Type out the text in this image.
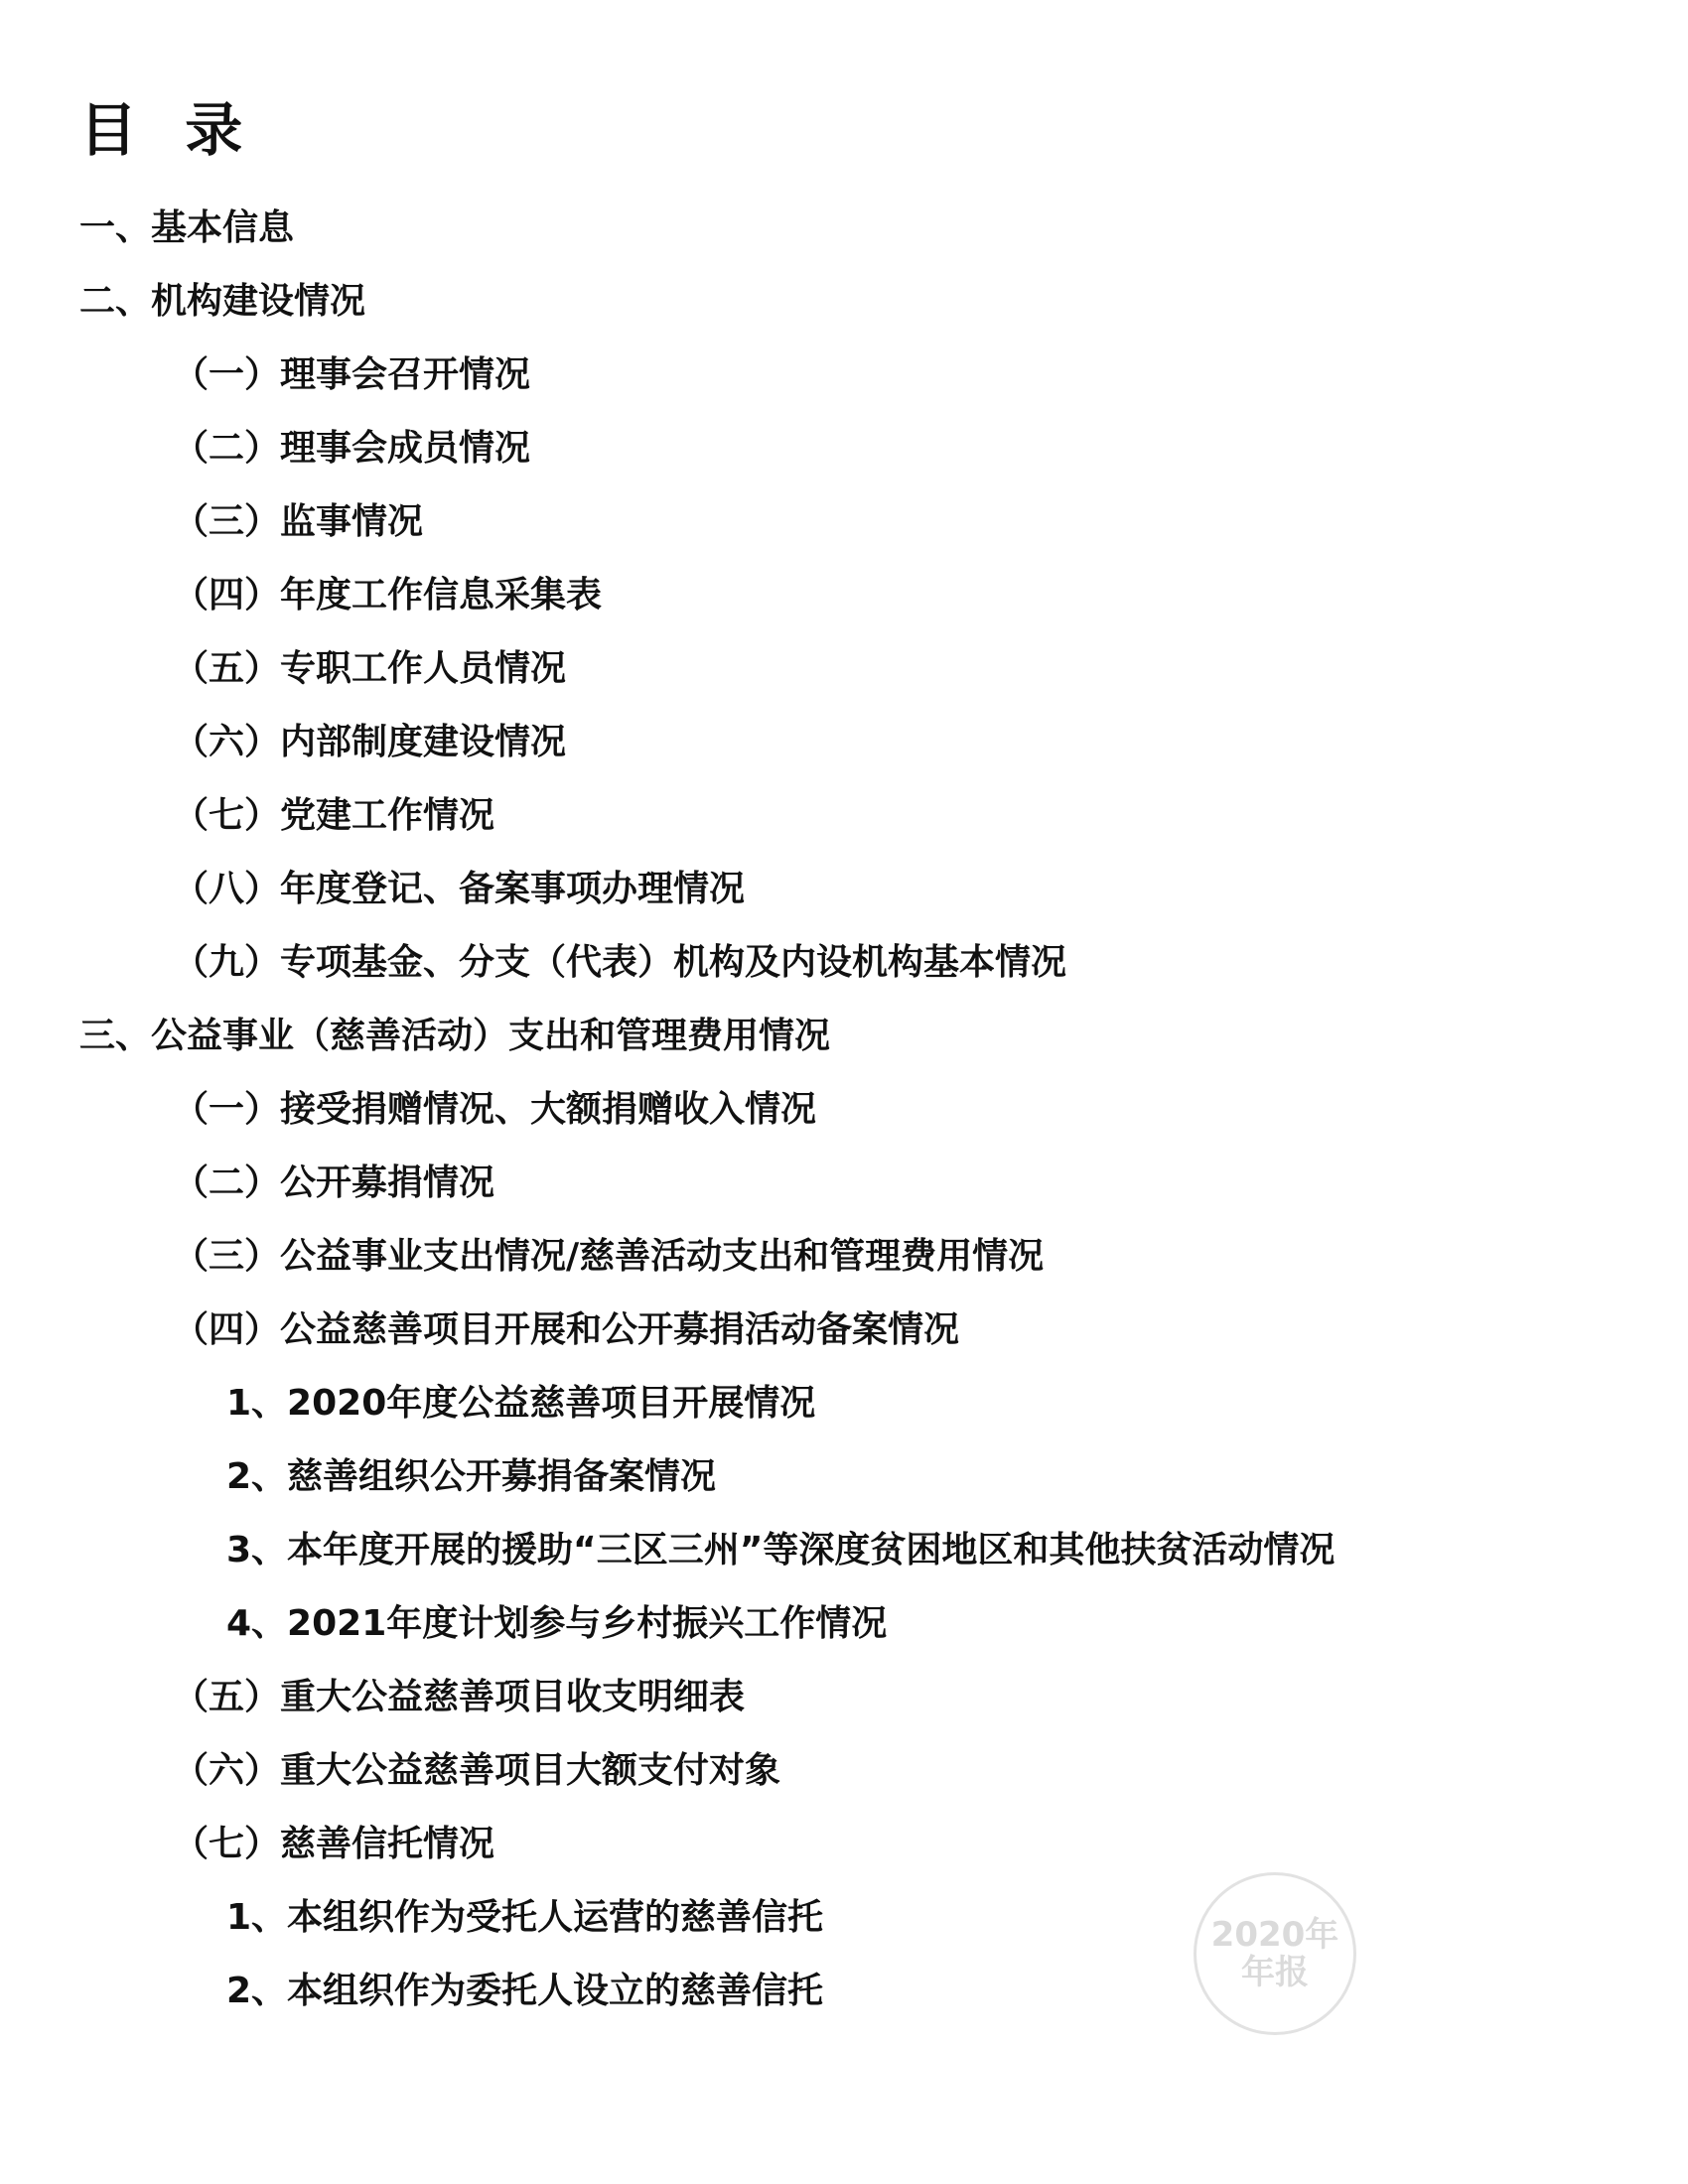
目 录
一、基本信息
二、机构建设情况
（一）理事会召开情况
（二）理事会成员情况
（三）监事情况
（四）年度工作信息采集表
（五）专职工作人员情况
（六）内部制度建设情况
（七）党建工作情况
（八）年度登记、备案事项办理情况
（九）专项基金、分支（代表）机构及内设机构基本情况
三、公益事业（慈善活动）支出和管理费用情况
（一）接受捐赠情况、大额捐赠收入情况
（二）公开募捐情况
（三）公益事业支出情况/慈善活动支出和管理费用情况
（四）公益慈善项目开展和公开募捐活动备案情况
1、2020年度公益慈善项目开展情况
2、慈善组织公开募捐备案情况
3、本年度开展的援助“三区三州”等深度贫困地区和其他扶贫活动情况
4、2021年度计划参与乡村振兴工作情况
（五）重大公益慈善项目收支明细表
（六）重大公益慈善项目大额支付对象
（七）慈善信托情况
1、本组织作为受托人运营的慈善信托
2、本组织作为委托人设立的慈善信托
2020年
年报
